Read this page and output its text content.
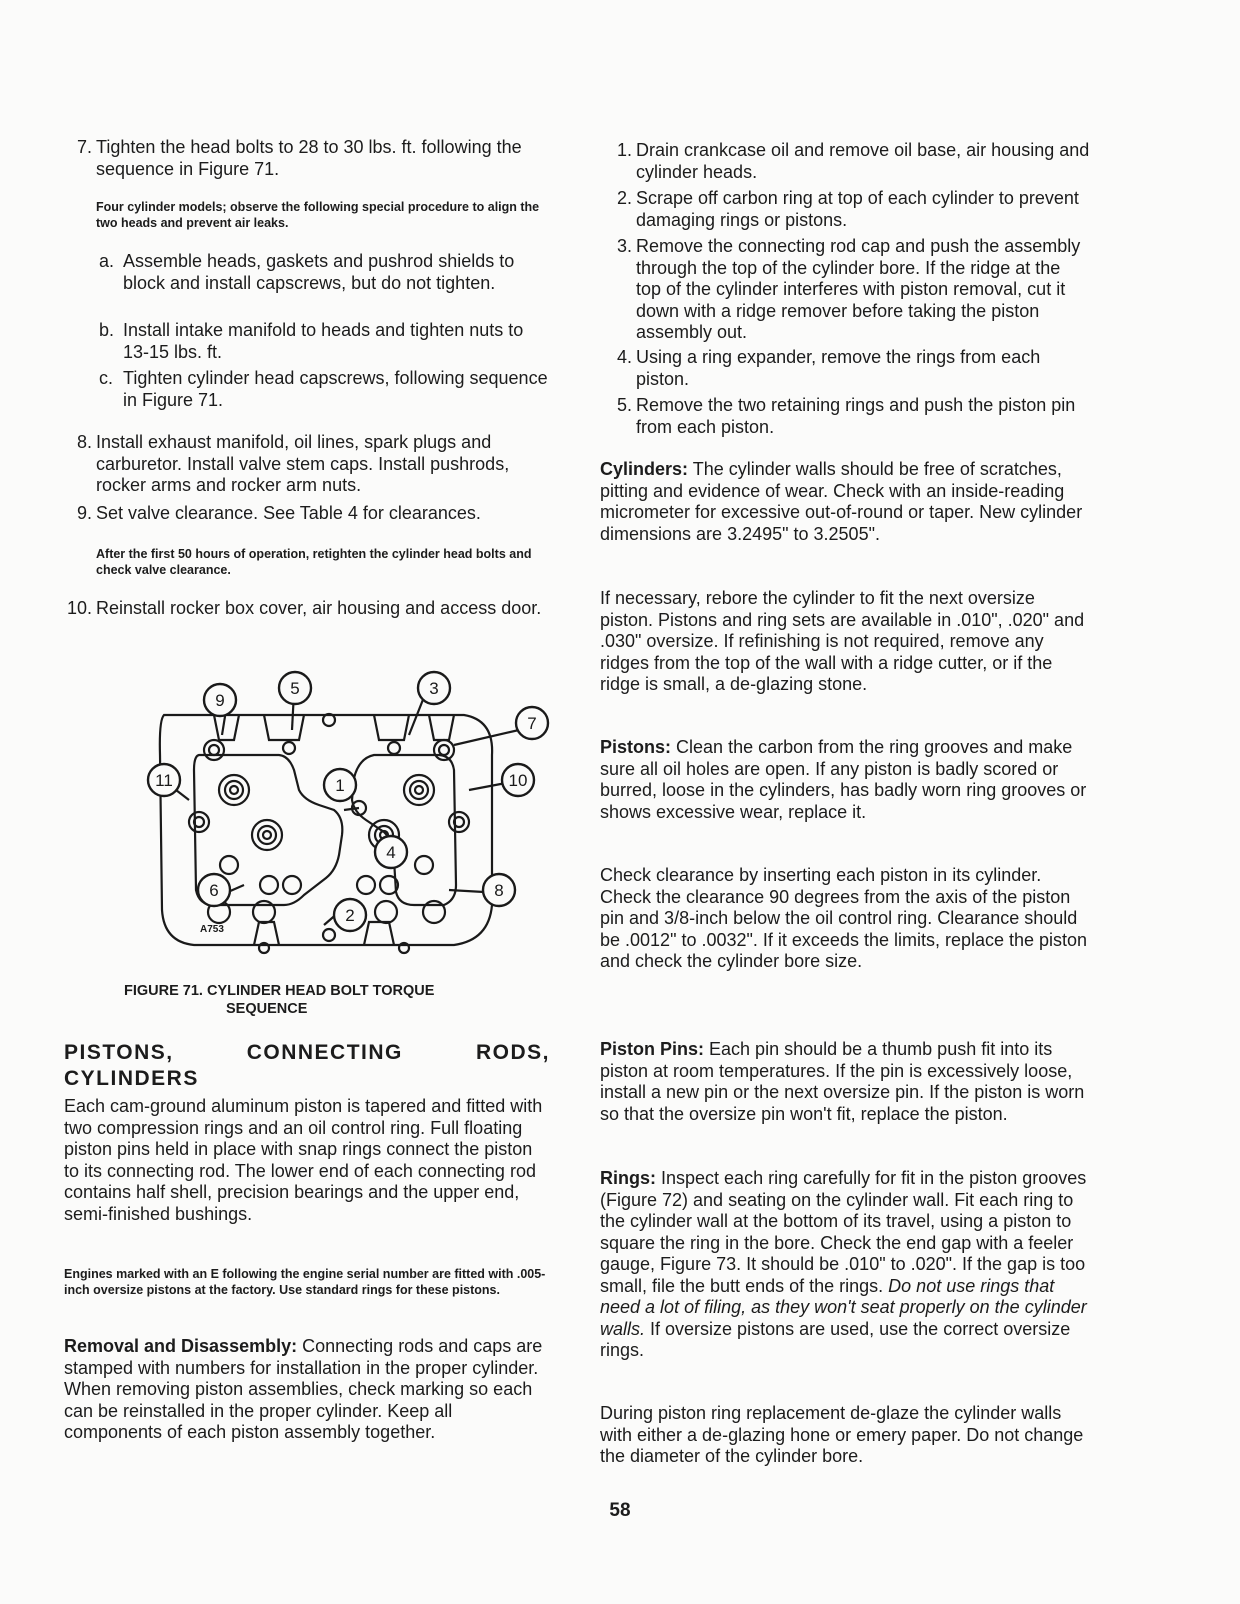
7. Tighten the head bolts to 28 to 30 lbs. ft. following the sequence in Figure 71.
Four cylinder models; observe the following special procedure to align the two heads and prevent air leaks.
a. Assemble heads, gaskets and pushrod shields to block and install capscrews, but do not tighten.
b. Install intake manifold to heads and tighten nuts to 13-15 lbs. ft.
c. Tighten cylinder head capscrews, following sequence in Figure 71.
8. Install exhaust manifold, oil lines, spark plugs and carburetor. Install valve stem caps. Install pushrods, rocker arms and rocker arm nuts.
9. Set valve clearance. See Table 4 for clearances.
After the first 50 hours of operation, retighten the cylinder head bolts and check valve clearance.
10. Reinstall rocker box cover, air housing and access door.
9
5	3
7
11	1	10
4
6	8
2
A753
FIGURE 71. CYLINDER HEAD BOLT TORQUE
SEQUENCE
PISTONS,	CONNECTING	RODS,
CYLINDERS
Each cam-ground aluminum piston is tapered and fitted with two compression rings and an oil control ring. Full floating piston pins held in place with snap rings connect the piston to its connecting rod. The lower end of each connecting rod contains half shell, precision bearings and the upper end, semi-finished bushings.
Engines marked with an E following the engine serial number are fitted with .005-inch oversize pistons at the factory. Use standard rings for these pistons.
Removal and Disassembly: Connecting rods and caps are stamped with numbers for installation in the proper cylinder. When removing piston assemblies, check marking so each can be reinstalled in the proper cylinder. Keep all components of each piston assembly together.
1. Drain crankcase oil and remove oil base, air housing and cylinder heads.
2. Scrape off carbon ring at top of each cylinder to prevent damaging rings or pistons.
3. Remove the connecting rod cap and push the assembly through the top of the cylinder bore. If the ridge at the top of the cylinder interferes with piston removal, cut it down with a ridge remover before taking the piston assembly out.
4. Using a ring expander, remove the rings from each piston.
5. Remove the two retaining rings and push the piston pin from each piston.
Cylinders: The cylinder walls should be free of scratches, pitting and evidence of wear. Check with an inside-reading micrometer for excessive out-of-round or taper. New cylinder dimensions are 3.2495" to 3.2505".
If necessary, rebore the cylinder to fit the next oversize piston. Pistons and ring sets are available in .010", .020" and .030" oversize. If refinishing is not required, remove any ridges from the top of the wall with a ridge cutter, or if the ridge is small, a de-glazing stone.
Pistons: Clean the carbon from the ring grooves and make sure all oil holes are open. If any piston is badly scored or burred, loose in the cylinders, has badly worn ring grooves or shows excessive wear, replace it.
Check clearance by inserting each piston in its cylinder. Check the clearance 90 degrees from the axis of the piston pin and 3/8-inch below the oil control ring. Clearance should be .0012" to .0032". If it exceeds the limits, replace the piston and check the cylinder bore size.
Piston Pins: Each pin should be a thumb push fit into its piston at room temperatures. If the pin is excessively loose, install a new pin or the next oversize pin. If the piston is worn so that the oversize pin won't fit, replace the piston.
Rings: Inspect each ring carefully for fit in the piston grooves (Figure 72) and seating on the cylinder wall. Fit each ring to the cylinder wall at the bottom of its travel, using a piston to square the ring in the bore. Check the end gap with a feeler gauge, Figure 73. It should be .010" to .020". If the gap is too small, file the butt ends of the rings. Do not use rings that need a lot of filing, as they won't seat properly on the cylinder walls. If oversize pistons are used, use the correct oversize rings.
During piston ring replacement de-glaze the cylinder walls with either a de-glazing hone or emery paper. Do not change the diameter of the cylinder bore.
58
